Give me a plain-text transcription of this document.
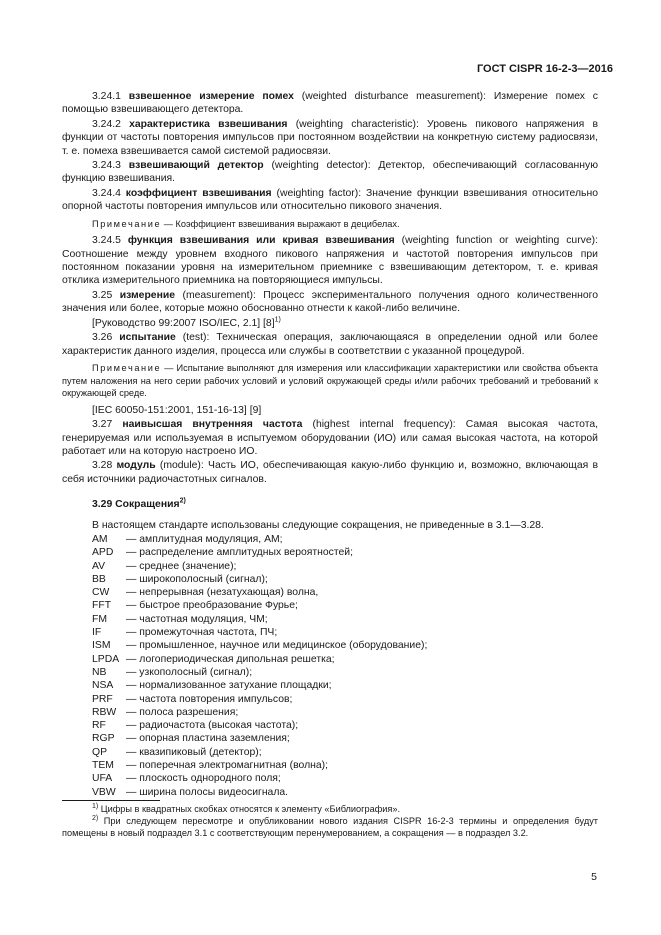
ГОСТ CISPR 16-2-3—2016

3.24.1 взвешенное измерение помех (weighted disturbance measurement): Измерение помех с помощью взвешивающего детектора.

3.24.2 характеристика взвешивания (weighting characteristic): Уровень пикового напряжения в функции от частоты повторения импульсов при постоянном воздействии на конкретную систему радиосвязи, т. е. помеха взвешивается самой системой радиосвязи.

3.24.3 взвешивающий детектор (weighting detector): Детектор, обеспечивающий согласованную функцию взвешивания.

3.24.4 коэффициент взвешивания (weighting factor): Значение функции взвешивания относительно опорной частоты повторения импульсов или относительно пикового значения.

Примечание — Коэффициент взвешивания выражают в децибелах.

3.24.5 функция взвешивания или кривая взвешивания (weighting function or weighting curve): Соотношение между уровнем входного пикового напряжения и частотой повторения импульсов при постоянном показании уровня на измерительном приемнике с взвешивающим детектором, т. е. кривая отклика измерительного приемника на повторяющиеся импульсы.

3.25 измерение (measurement): Процесс экспериментального получения одного количественного значения или более, которые можно обоснованно отнести к какой-либо величине.

[Руководство 99:2007 ISO/IEC, 2.1] $[8]^{1)}$

3.26 испытание (test): Техническая операция, заключающаяся в определении одной или более характеристик данного изделия, процесса или службы в соответствии с указанной процедурой.

Примечание — Испытание выполняют для измерения или классификации характеристики или свойства объекта путем наложения на него серии рабочих условий и условий окружающей среды и/или рабочих требований и требований к окружающей среде.

[IEC 60050-151:2001, 151-16-13] [9]

3.27 наивысшая внутренняя частота (highest internal frequency): Самая высокая частота, генерируемая или используемая в испытуемом оборудовании (ИО) или самая высокая частота, на которой работает или на которую настроено ИО.

3.28 модуль (module): Часть ИО, обеспечивающая какую-либо функцию и, возможно, включающая в себя источники радиочастотных сигналов.

3.29 Сокращения$^{2)}$

В настоящем стандарте использованы следующие сокращения, не приведенные в 3.1—3.28.

AM	— амплитудная модуляция, АМ;
APD	— распределение амплитудных вероятностей;
AV	— среднее (значение);
BB	— широкополосный (сигнал);
CW	— непрерывная (незатухающая) волна,
FFT	— быстрое преобразование Фурье;
FM	— частотная модуляция, ЧМ;
IF	— промежуточная частота, ПЧ;
ISM	— промышленное, научное или медицинское (оборудование);
LPDA — логопериодическая дипольная решетка;
NB	— узкополосный (сигнал);
NSA	— нормализованное затухание площадки;
PRF	— частота повторения импульсов;
RBW — полоса разрешения;
RF	— радиочастота (высокая частота);
RGP	— опорная пластина заземления;
QP	— квазипиковый (детектор);
TEM	— поперечная электромагнитная (волна);
UFA	— плоскость однородного поля;
VBW — ширина полосы видеосигнала.

$^{1)}$ Цифры в квадратных скобках относятся к элементу «Библиография».

$^{2)}$ При следующем пересмотре и опубликовании нового издания CISPR 16-2-3 термины и определения будут помещены в новый подраздел 3.1 с соответствующим перенумерованием, а сокращения — в подраздел 3.2.

5
